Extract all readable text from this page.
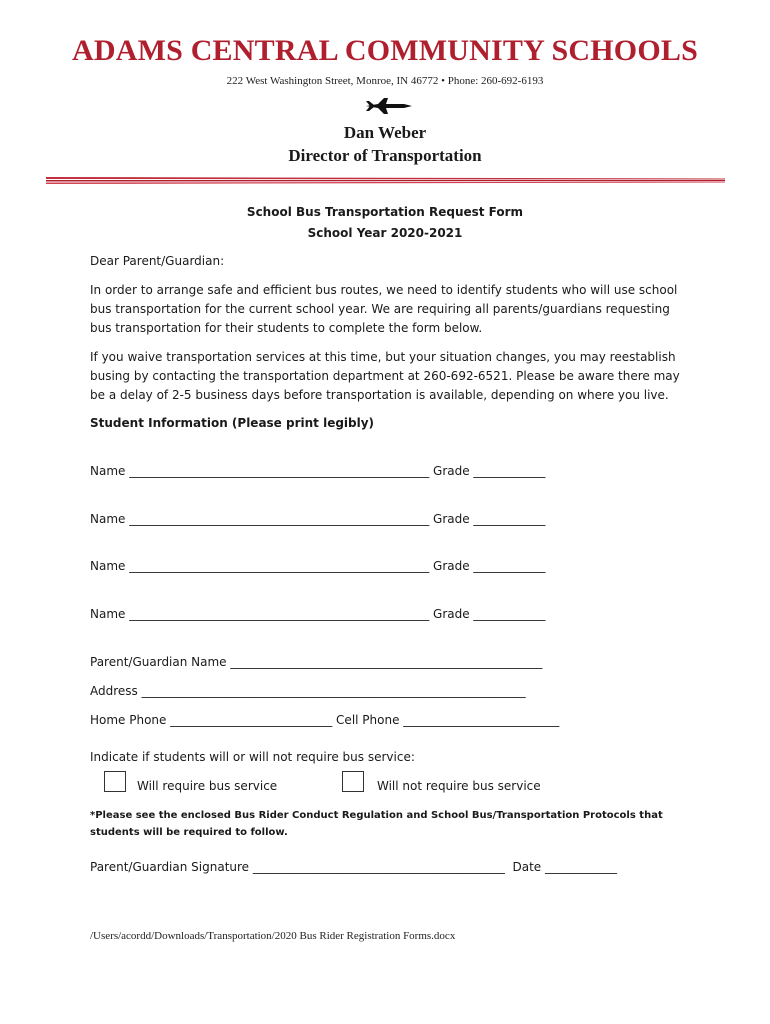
ADAMS CENTRAL COMMUNITY SCHOOLS
222 West Washington Street, Monroe, IN 46772 • Phone: 260-692-6193
Dan Weber
Director of Transportation
School Bus Transportation Request Form
School Year 2020-2021
Dear Parent/Guardian:
In order to arrange safe and efficient bus routes, we need to identify students who will use school bus transportation for the current school year. We are requiring all parents/guardians requesting bus transportation for their students to complete the form below.
If you waive transportation services at this time, but your situation changes, you may reestablish busing by contacting the transportation department at 260-692-6521. Please be aware there may be a delay of 2-5 business days before transportation is available, depending on where you live.
Student Information (Please print legibly)
Name __________________________________________________ Grade ____________
Name __________________________________________________ Grade ____________
Name __________________________________________________ Grade ____________
Name __________________________________________________ Grade ____________
Parent/Guardian Name ____________________________________________________
Address ________________________________________________________________
Home Phone ___________________________ Cell Phone __________________________
Indicate if students will or will not require bus service:
Will require bus service	Will not require bus service
*Please see the enclosed Bus Rider Conduct Regulation and School Bus/Transportation Protocols that students will be required to follow.
Parent/Guardian Signature __________________________________________  Date ____________
/Users/acordd/Downloads/Transportation/2020 Bus Rider Registration Forms.docx
